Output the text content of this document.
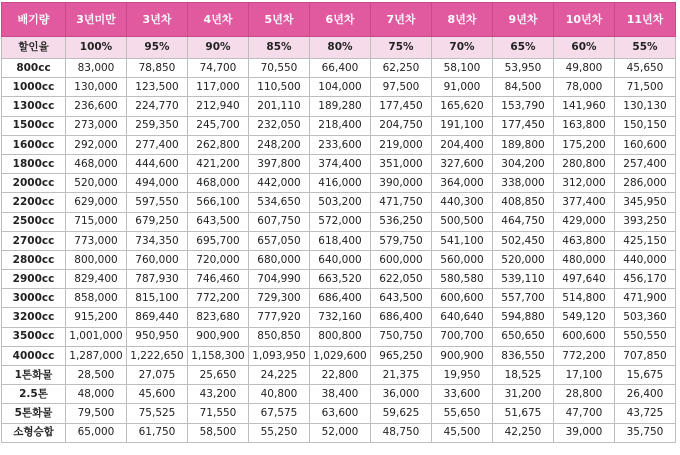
배기량	3년미만	3년차	4년차	5년차	6년차	7년차	8년차	9년차	10년차	11년차
할인율	100%	95%	90%	85%	80%	75%	70%	65%	60%	55%
800cc	83,000	78,850	74,700	70,550	66,400	62,250	58,100	53,950	49,800	45,650
1000cc	130,000	123,500	117,000	110,500	104,000	97,500	91,000	84,500	78,000	71,500
1300cc	236,600	224,770	212,940	201,110	189,280	177,450	165,620	153,790	141,960	130,130
1500cc	273,000	259,350	245,700	232,050	218,400	204,750	191,100	177,450	163,800	150,150
1600cc	292,000	277,400	262,800	248,200	233,600	219,000	204,400	189,800	175,200	160,600
1800cc	468,000	444,600	421,200	397,800	374,400	351,000	327,600	304,200	280,800	257,400
2000cc	520,000	494,000	468,000	442,000	416,000	390,000	364,000	338,000	312,000	286,000
2200cc	629,000	597,550	566,100	534,650	503,200	471,750	440,300	408,850	377,400	345,950
2500cc	715,000	679,250	643,500	607,750	572,000	536,250	500,500	464,750	429,000	393,250
2700cc	773,000	734,350	695,700	657,050	618,400	579,750	541,100	502,450	463,800	425,150
2800cc	800,000	760,000	720,000	680,000	640,000	600,000	560,000	520,000	480,000	440,000
2900cc	829,400	787,930	746,460	704,990	663,520	622,050	580,580	539,110	497,640	456,170
3000cc	858,000	815,100	772,200	729,300	686,400	643,500	600,600	557,700	514,800	471,900
3200cc	915,200	869,440	823,680	777,920	732,160	686,400	640,640	594,880	549,120	503,360
3500cc	1,001,000	950,950	900,900	850,850	800,800	750,750	700,700	650,650	600,600	550,550
4000cc	1,287,000	1,222,650	1,158,300	1,093,950	1,029,600	965,250	900,900	836,550	772,200	707,850
1톤화물	28,500	27,075	25,650	24,225	22,800	21,375	19,950	18,525	17,100	15,675
2.5톤	48,000	45,600	43,200	40,800	38,400	36,000	33,600	31,200	28,800	26,400
5톤화물	79,500	75,525	71,550	67,575	63,600	59,625	55,650	51,675	47,700	43,725
소형승합	65,000	61,750	58,500	55,250	52,000	48,750	45,500	42,250	39,000	35,750
